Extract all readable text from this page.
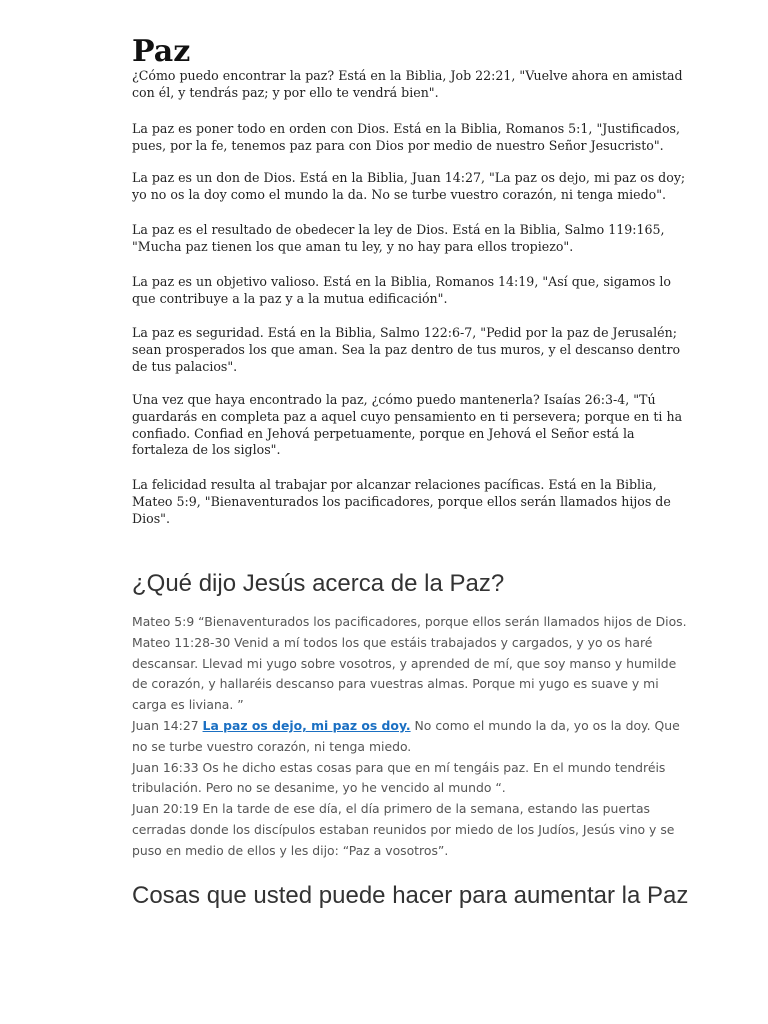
Paz

¿Cómo puedo encontrar la paz? Está en la Biblia, Job 22:21, "Vuelve ahora en amistad con él, y tendrás paz; y por ello te vendrá bien".

La paz es poner todo en orden con Dios. Está en la Biblia, Romanos 5:1, "Justificados, pues, por la fe, tenemos paz para con Dios por medio de nuestro Señor Jesucristo".

La paz es un don de Dios. Está en la Biblia, Juan 14:27, "La paz os dejo, mi paz os doy; yo no os la doy como el mundo la da. No se turbe vuestro corazón, ni tenga miedo".

La paz es el resultado de obedecer la ley de Dios. Está en la Biblia, Salmo 119:165, "Mucha paz tienen los que aman tu ley, y no hay para ellos tropiezo".

La paz es un objetivo valioso. Está en la Biblia, Romanos 14:19, "Así que, sigamos lo que contribuye a la paz y a la mutua edificación".

La paz es seguridad. Está en la Biblia, Salmo 122:6-7, "Pedid por la paz de Jerusalén; sean prosperados los que aman. Sea la paz dentro de tus muros, y el descanso dentro de tus palacios".

Una vez que haya encontrado la paz, ¿cómo puedo mantenerla? Isaías 26:3-4, "Tú guardarás en completa paz a aquel cuyo pensamiento en ti persevera; porque en ti ha confiado. Confiad en Jehová perpetuamente, porque en Jehová el Señor está la fortaleza de los siglos".

La felicidad resulta al trabajar por alcanzar relaciones pacíficas. Está en la Biblia, Mateo 5:9, "Bienaventurados los pacificadores, porque ellos serán llamados hijos de Dios".

¿Qué dijo Jesús acerca de la Paz?

Mateo 5:9 “Bienaventurados los pacificadores, porque ellos serán llamados hijos de Dios.

Mateo 11:28-30 Venid a mí todos los que estáis trabajados y cargados, y yo os haré descansar. Llevad mi yugo sobre vosotros, y aprended de mí, que soy manso y humilde de corazón, y hallaréis descanso para vuestras almas. Porque mi yugo es suave y mi carga es liviana. ”

Juan 14:27 La paz os dejo, mi paz os doy. No como el mundo la da, yo os la doy. Que no se turbe vuestro corazón, ni tenga miedo.

Juan 16:33 Os he dicho estas cosas para que en mí tengáis paz. En el mundo tendréis tribulación. Pero no se desanime, yo he vencido al mundo “.

Juan 20:19 En la tarde de ese día, el día primero de la semana, estando las puertas cerradas donde los discípulos estaban reunidos por miedo de los Judíos, Jesús vino y se puso en medio de ellos y les dijo: “Paz a vosotros”.

Cosas que usted puede hacer para aumentar la Paz
